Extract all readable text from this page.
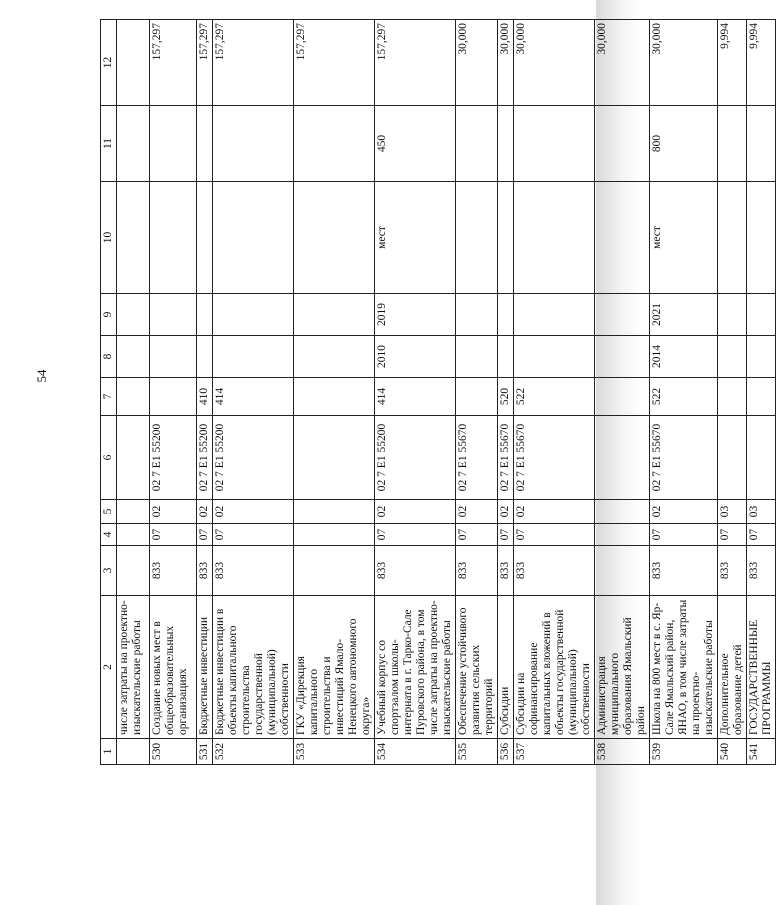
54
1	2	3	4	5	6	7	8	9	10	11	12
	числе затраты на проектно-изыскательские работы										
530	Создание новых мест в общеобразовательных организациях	833	07	02	02 7 E1 55200						157,297
531	Бюджетные инвестиции	833	07	02	02 7 E1 55200	410					157,297
532	Бюджетные инвестиции в объекты капитального строительства государственной (муниципальной) собственности	833	07	02	02 7 E1 55200	414					157,297
533	ГКУ «Дирекция капитального строительства и инвестиций Ямало-Ненецкого автономного округа»										157,297
534	Учебный корпус со спортзалом школы-интерната в г. Тарко-Сале Пуровского района, в том числе затраты на проектно-изыскательские работы	833	07	02	02 7 E1 55200	414	2010	2019	мест	450	157,297
535	Обеспечение устойчивого развития сельских территорий	833	07	02	02 7 E1 55670						30,000
536	Субсидии	833	07	02	02 7 E1 55670	520					30,000
537	Субсидии на софинансирование капитальных вложений в объекты государственной (муниципальной) собственности	833	07	02	02 7 E1 55670	522					30,000
538	Администрация муниципального образования Ямальский район										30,000
539	Школа на 800 мест в с. Яр-Сале Ямальский район, ЯНАО, в том числе затраты на проектно-изыскательские работы	833	07	02	02 7 E1 55670	522	2014	2021	мест	800	30,000
540	Дополнительное образование детей	833	07	03							9,994
541	ГОСУДАРСТВЕННЫЕ ПРОГРАММЫ	833	07	03							9,994
